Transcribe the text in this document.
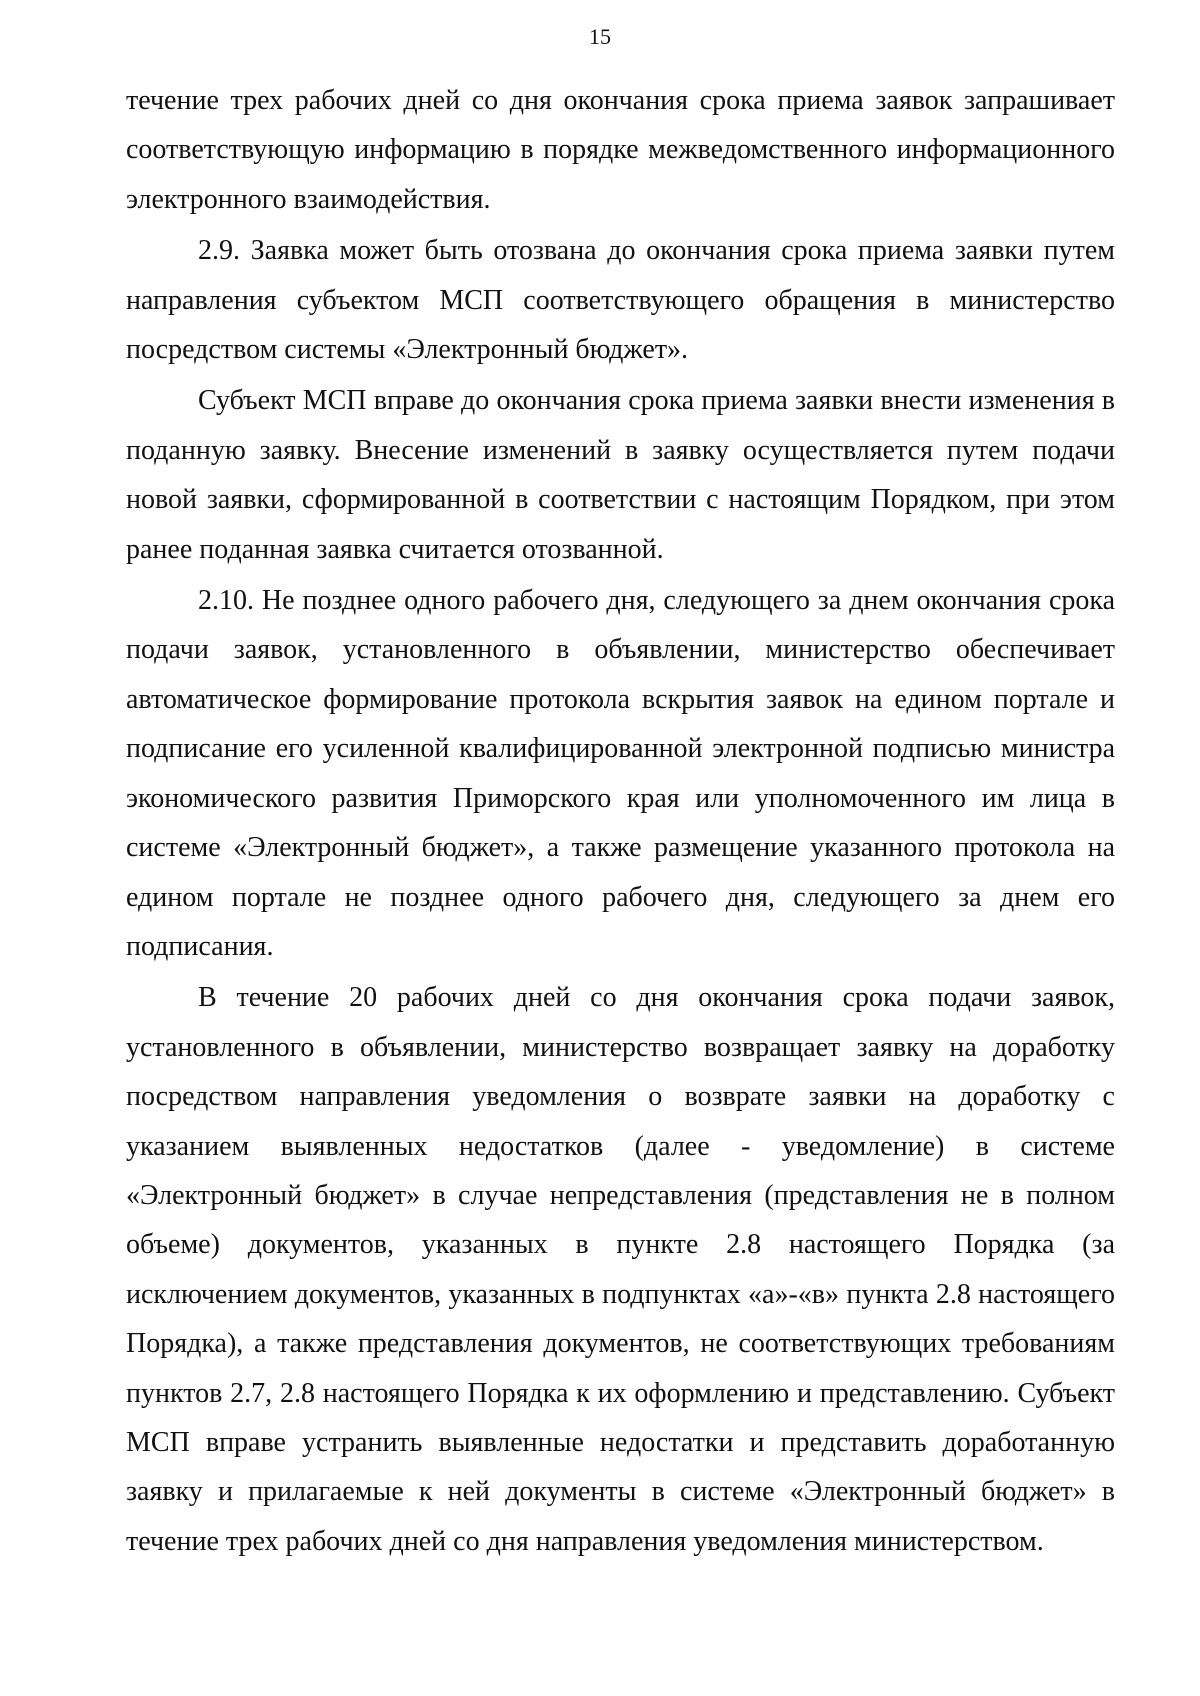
15

течение трех рабочих дней со дня окончания срока приема заявок запрашивает соответствующую информацию в порядке межведомственного информационного электронного взаимодействия.

2.9. Заявка может быть отозвана до окончания срока приема заявки путем направления субъектом МСП соответствующего обращения в министерство посредством системы «Электронный бюджет».

Субъект МСП вправе до окончания срока приема заявки внести изменения в поданную заявку. Внесение изменений в заявку осуществляется путем подачи новой заявки, сформированной в соответствии с настоящим Порядком, при этом ранее поданная заявка считается отозванной.

2.10. Не позднее одного рабочего дня, следующего за днем окончания срока подачи заявок, установленного в объявлении, министерство обеспечивает автоматическое формирование протокола вскрытия заявок на едином портале и подписание его усиленной квалифицированной электронной подписью министра экономического развития Приморского края или уполномоченного им лица в системе «Электронный бюджет», а также размещение указанного протокола на едином портале не позднее одного рабочего дня, следующего за днем его подписания.

В течение 20 рабочих дней со дня окончания срока подачи заявок, установленного в объявлении, министерство возвращает заявку на доработку посредством направления уведомления о возврате заявки на доработку с указанием выявленных недостатков (далее - уведомление) в системе «Электронный бюджет» в случае непредставления (представления не в полном объеме) документов, указанных в пункте 2.8 настоящего Порядка (за исключением документов, указанных в подпунктах «а»-«в» пункта 2.8 настоящего Порядка), а также представления документов, не соответствующих требованиям пунктов 2.7, 2.8 настоящего Порядка к их оформлению и представлению. Субъект МСП вправе устранить выявленные недостатки и представить доработанную заявку и прилагаемые к ней документы в системе «Электронный бюджет» в течение трех рабочих дней со дня направления уведомления министерством.
